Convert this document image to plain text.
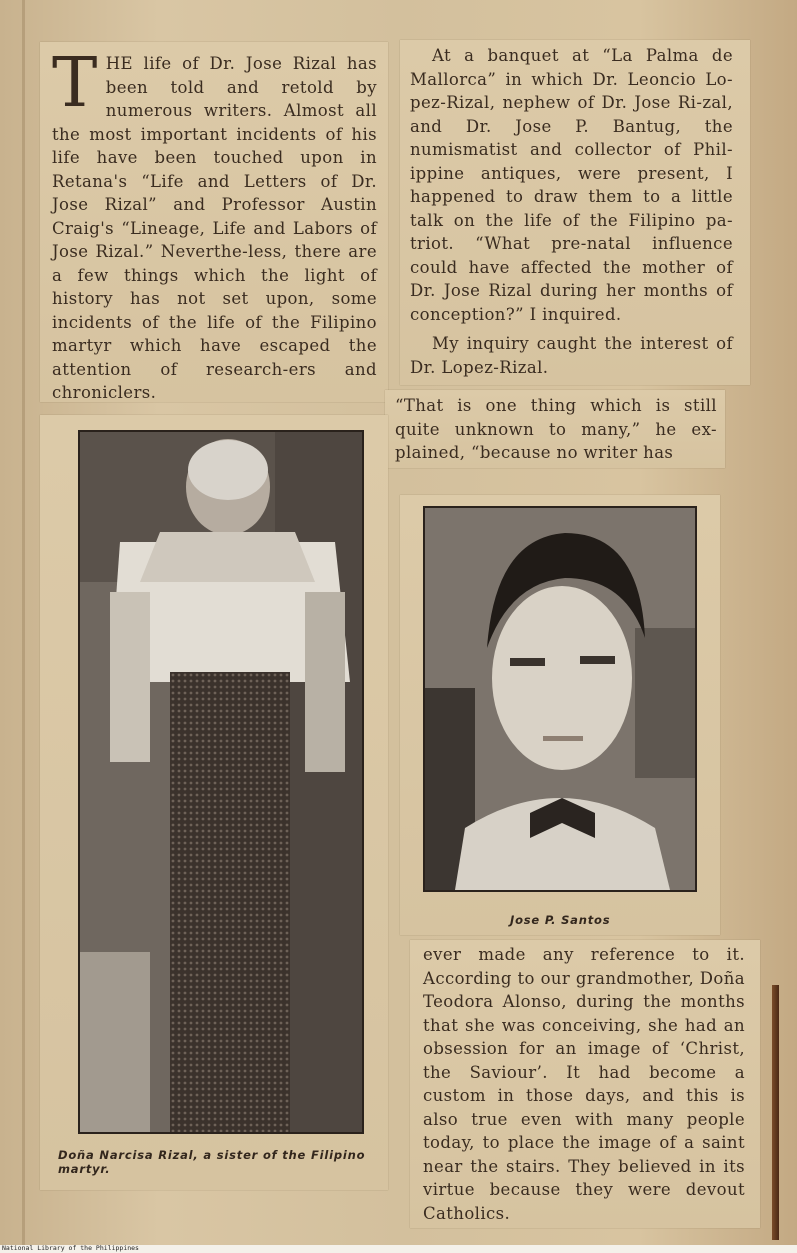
THE life of Dr. Jose Rizal has been told and retold by numerous writers. Almost all the most important incidents of his life have been touched upon in Retana's “Life and Letters of Dr. Jose Rizal” and Professor Austin Craig's “Lineage, Life and Labors of Jose Rizal.” Neverthe-less, there are a few things which the light of history has not set upon, some incidents of the life of the Filipino martyr which have escaped the attention of research-ers and chroniclers.

At a banquet at “La Palma de Mallorca” in which Dr. Leoncio Lo-pez-Rizal, nephew of Dr. Jose Ri-zal, and Dr. Jose P. Bantug, the numismatist and collector of Phil-ippine antiques, were present, I happened to draw them to a little talk on the life of the Filipino pa-triot. “What pre-natal influence could have affected the mother of Dr. Jose Rizal during her months of conception?” I inquired.

My inquiry caught the interest of Dr. Lopez-Rizal.

“That is one thing which is still quite unknown to many,” he ex-plained, “because no writer has

Doña Narcisa Rizal, a sister of the Filipino martyr.

Jose P. Santos

ever made any reference to it. According to our grandmother, Doña Teodora Alonso, during the months that she was conceiving, she had an obsession for an image of ‘Christ, the Saviour’. It had become a custom in those days, and this is also true even with many people today, to place the image of a saint near the stairs. They believed in its virtue because they were devout Catholics.

National Library of the Philippines
